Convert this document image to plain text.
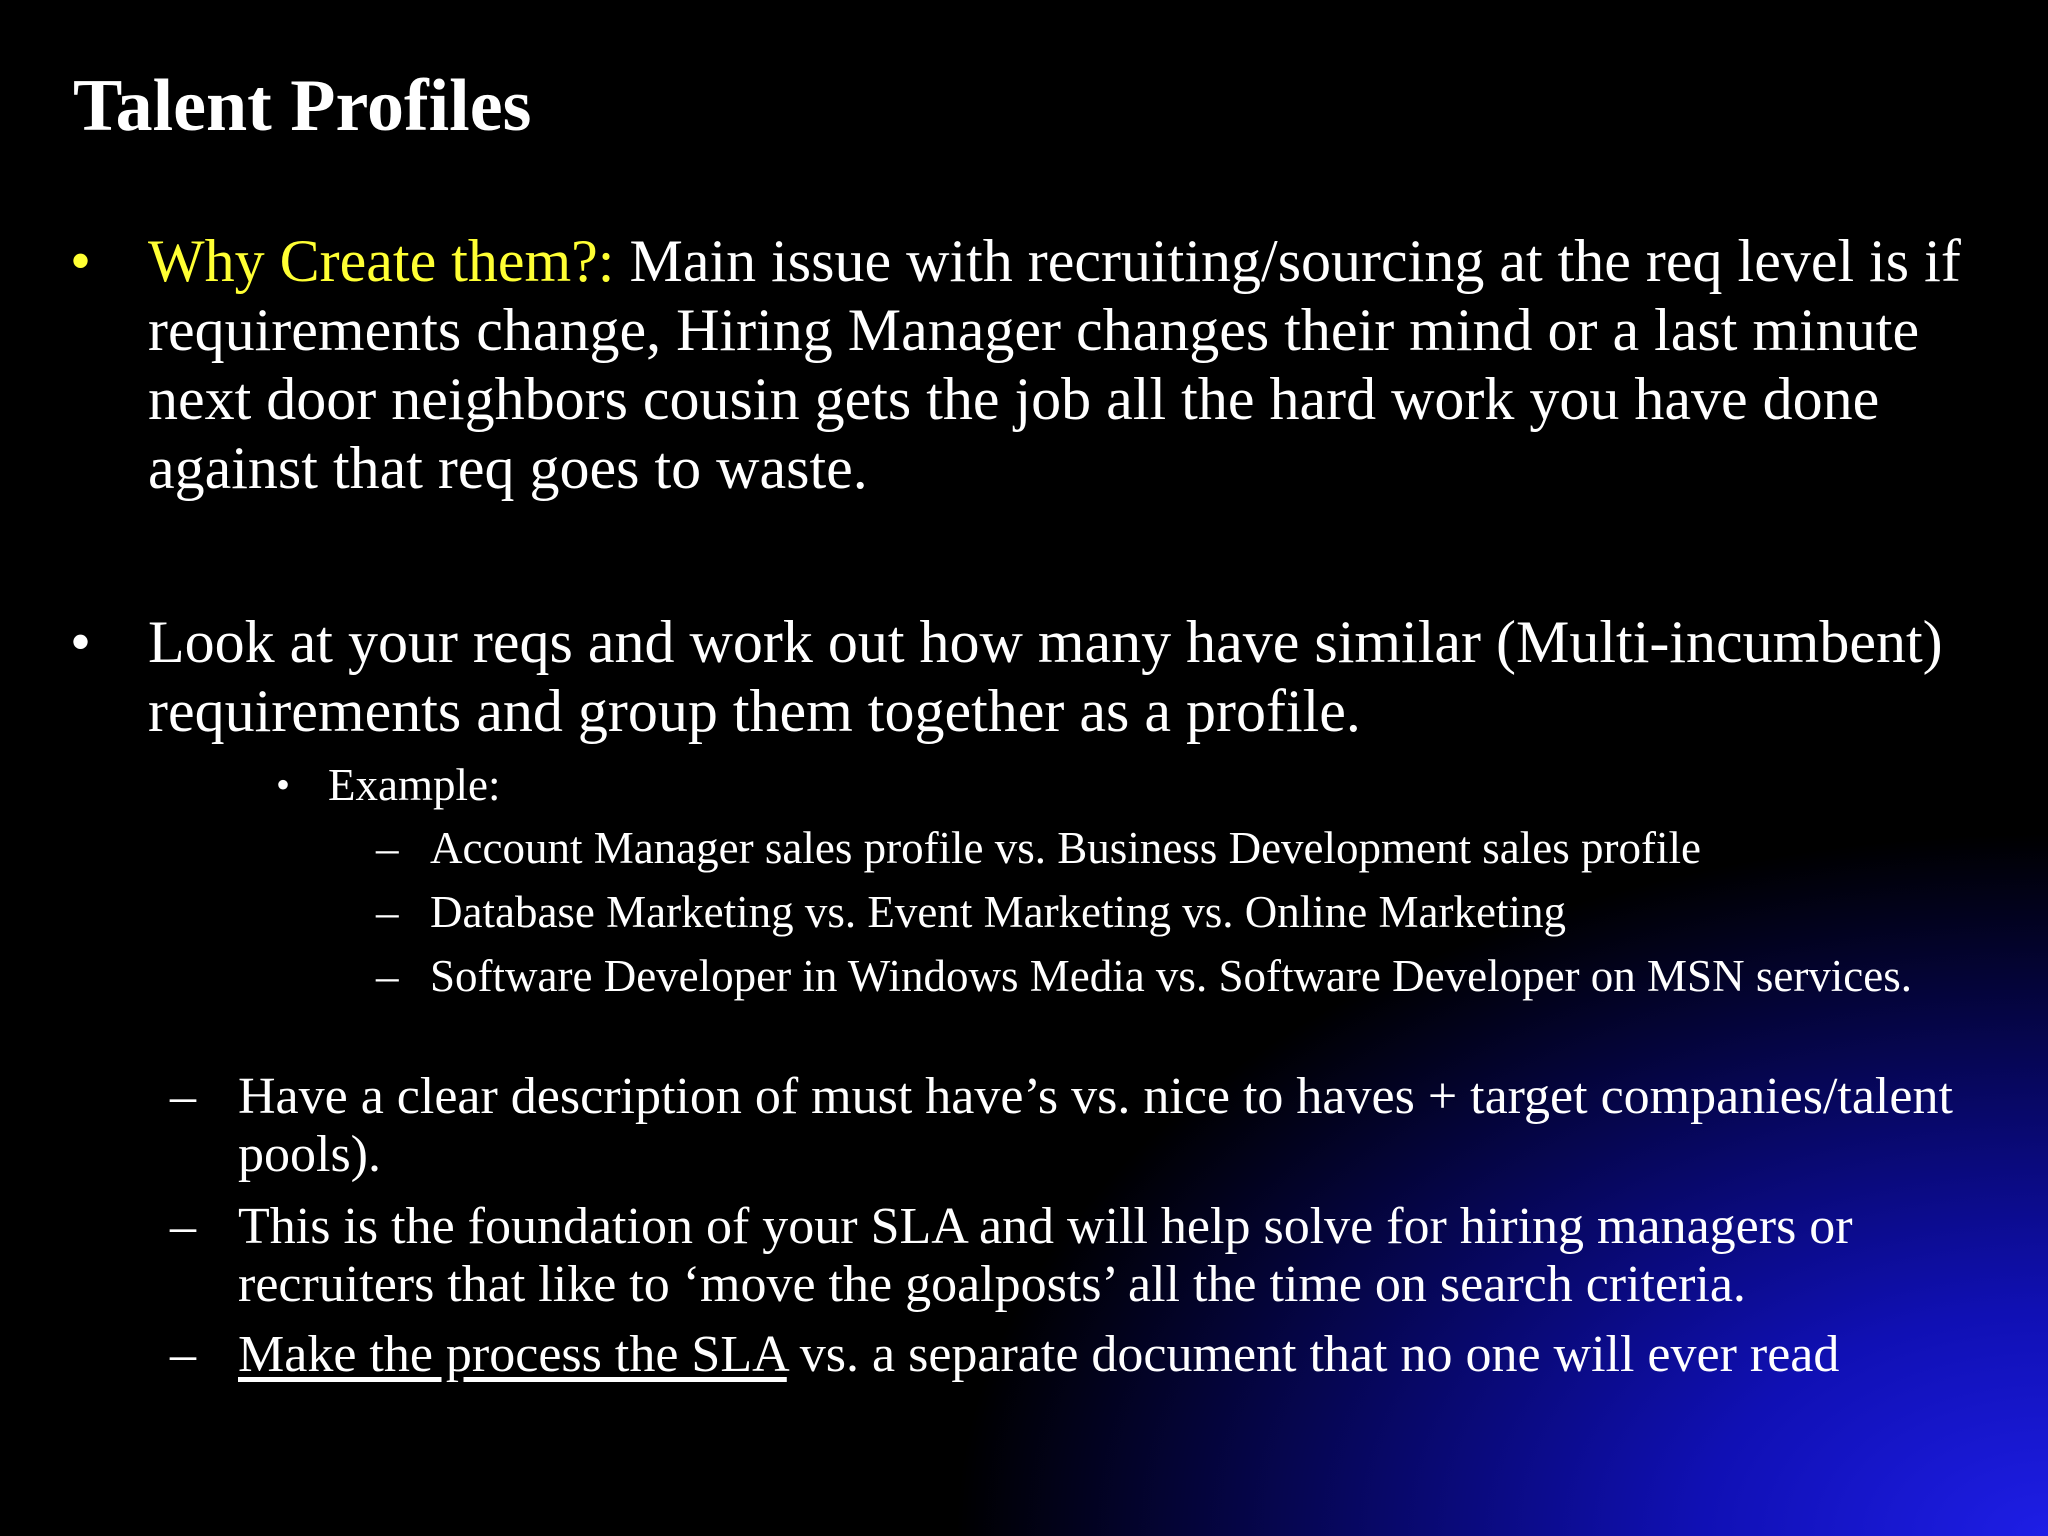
Talent Profiles

• Why Create them?: Main issue with recruiting/sourcing at the req level is if requirements change, Hiring Manager changes their mind or a last minute next door neighbors cousin gets the job all the hard work you have done against that req goes to waste.

• Look at your reqs and work out how many have similar (Multi-incumbent) requirements and group them together as a profile.

• Example:
– Account Manager sales profile vs. Business Development sales profile
– Database Marketing vs. Event Marketing vs. Online Marketing
– Software Developer in Windows Media vs. Software Developer on MSN services.
– Have a clear description of must have’s vs. nice to haves + target companies/talent pools).
– This is the foundation of your SLA and will help solve for hiring managers or recruiters that like to ‘move the goalposts’ all the time on search criteria.
– Make the process the SLA vs. a separate document that no one will ever read
